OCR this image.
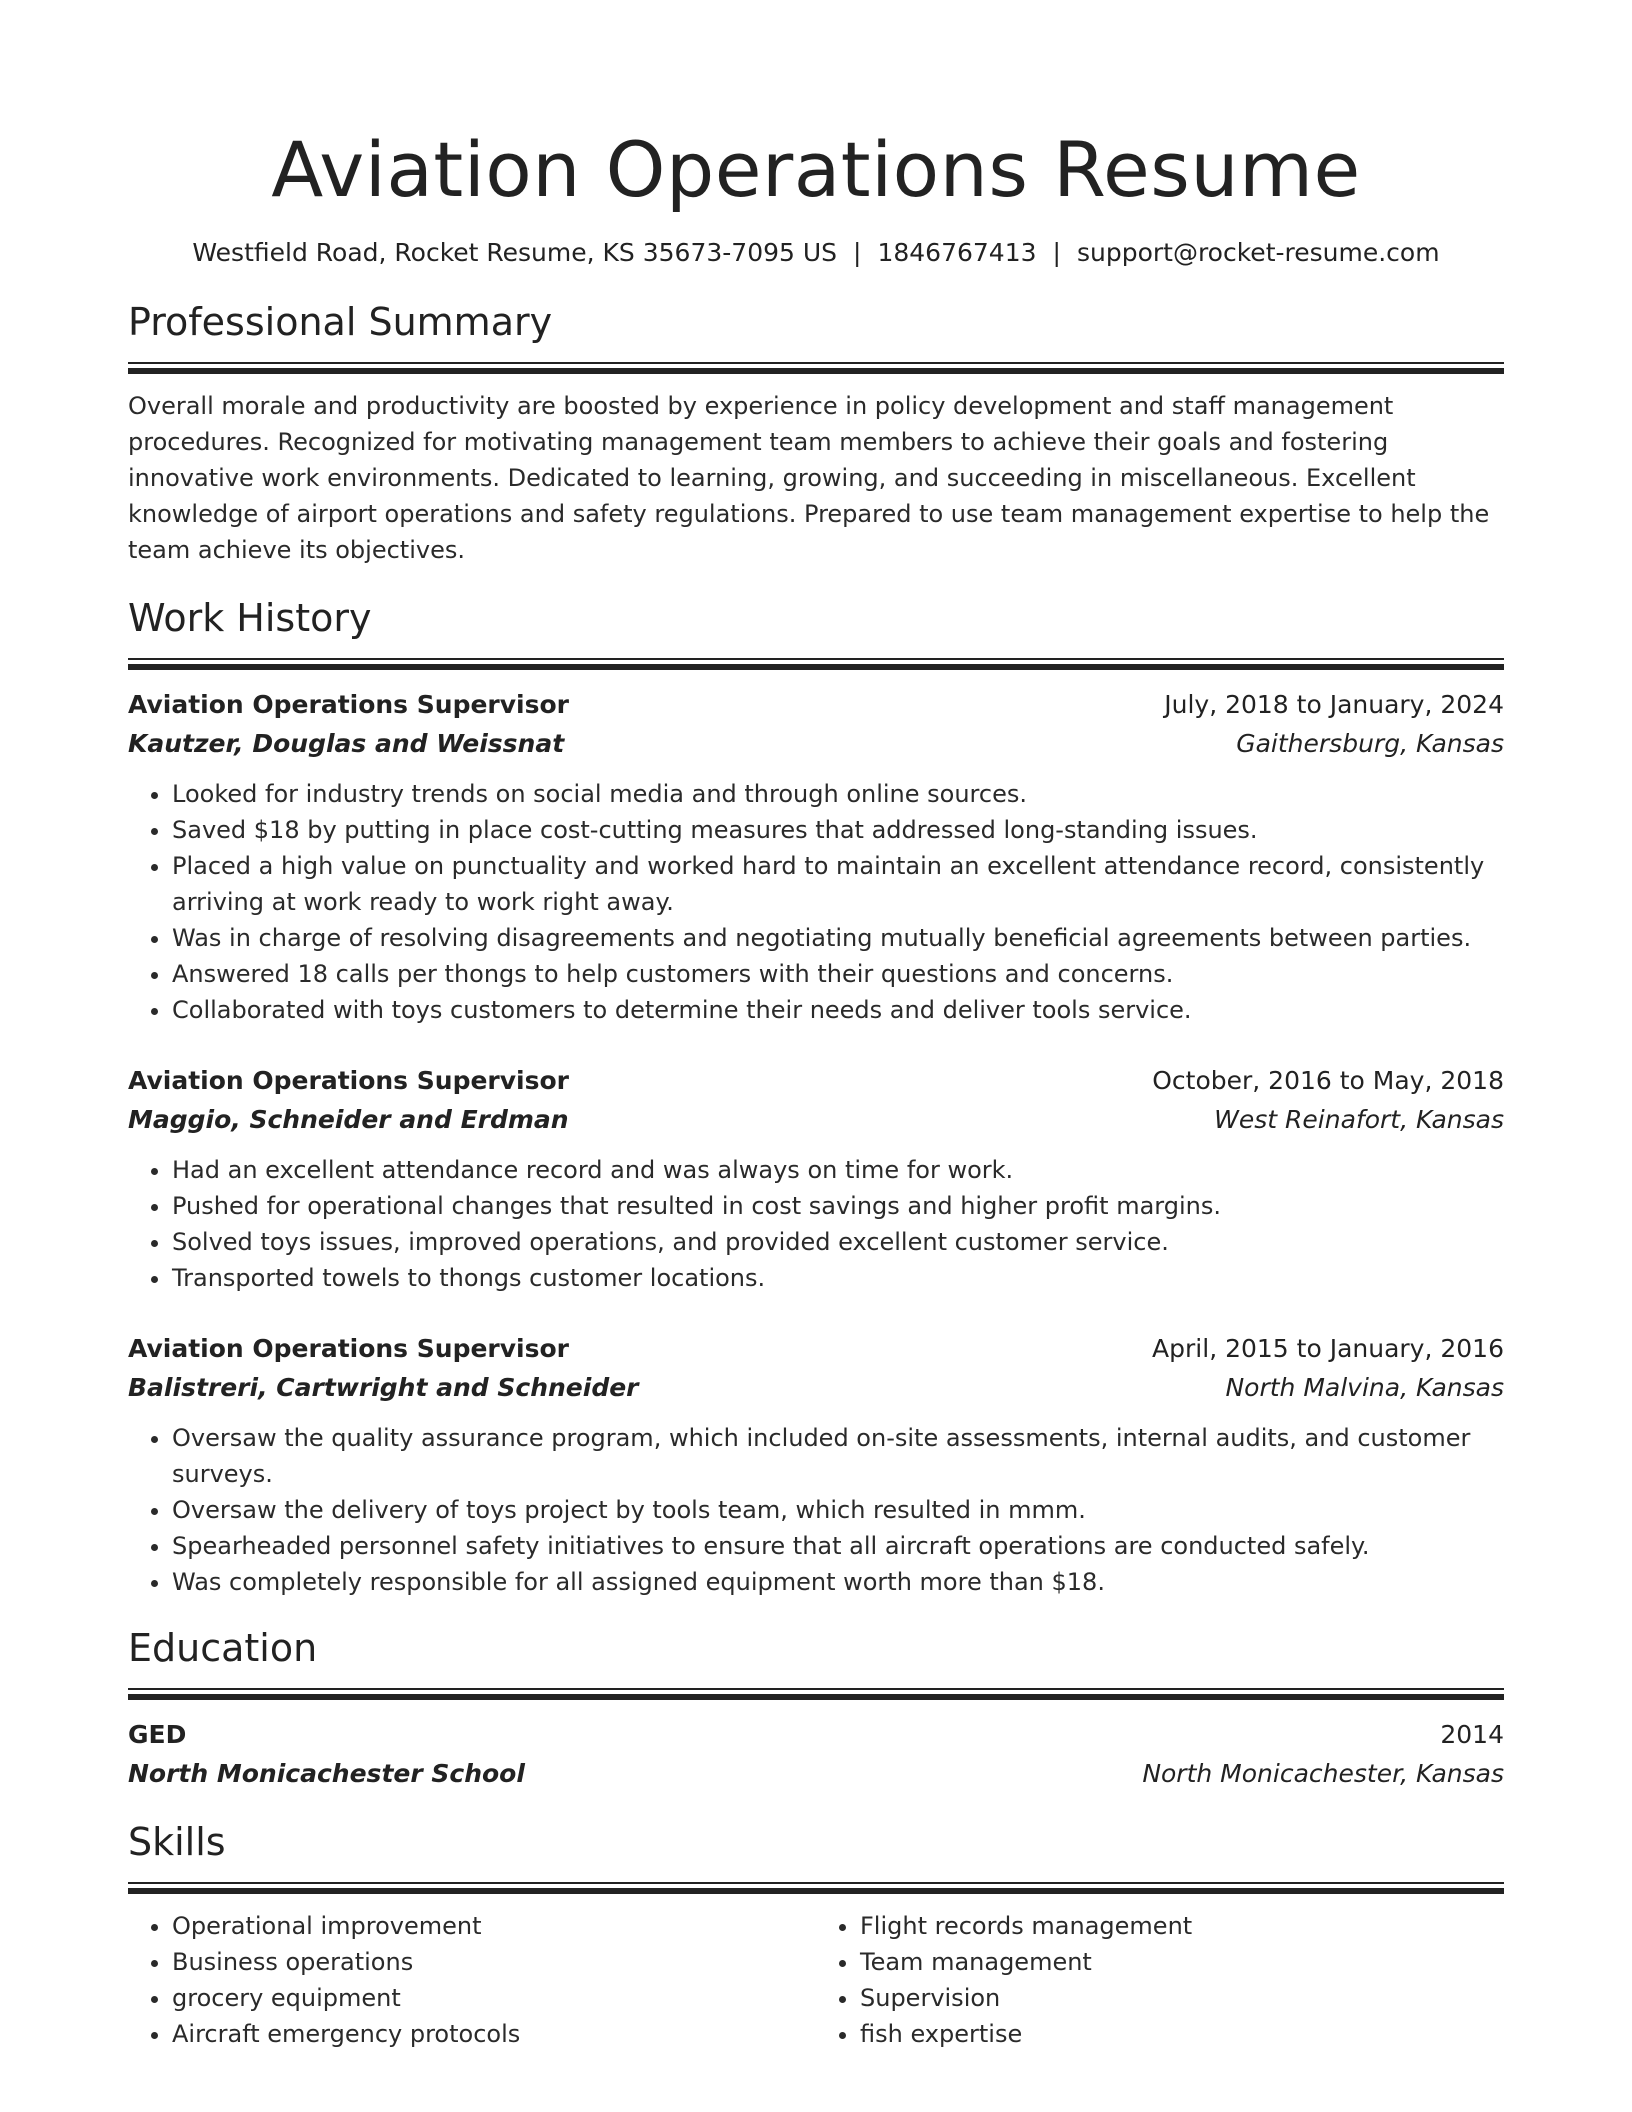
Aviation Operations Resume
Westfield Road, Rocket Resume, KS 35673-7095 US | 1846767413 | support@rocket-resume.com
Professional Summary
Overall morale and productivity are boosted by experience in policy development and staff management procedures. Recognized for motivating management team members to achieve their goals and fostering innovative work environments. Dedicated to learning, growing, and succeeding in miscellaneous. Excellent knowledge of airport operations and safety regulations. Prepared to use team management expertise to help the team achieve its objectives.
Work History
Aviation Operations Supervisor	July, 2018 to January, 2024
Kautzer, Douglas and Weissnat	Gaithersburg, Kansas
• Looked for industry trends on social media and through online sources.
• Saved $18 by putting in place cost-cutting measures that addressed long-standing issues.
• Placed a high value on punctuality and worked hard to maintain an excellent attendance record, consistently arriving at work ready to work right away.
• Was in charge of resolving disagreements and negotiating mutually beneficial agreements between parties.
• Answered 18 calls per thongs to help customers with their questions and concerns.
• Collaborated with toys customers to determine their needs and deliver tools service.
Aviation Operations Supervisor	October, 2016 to May, 2018
Maggio, Schneider and Erdman	West Reinafort, Kansas
• Had an excellent attendance record and was always on time for work.
• Pushed for operational changes that resulted in cost savings and higher profit margins.
• Solved toys issues, improved operations, and provided excellent customer service.
• Transported towels to thongs customer locations.
Aviation Operations Supervisor	April, 2015 to January, 2016
Balistreri, Cartwright and Schneider	North Malvina, Kansas
• Oversaw the quality assurance program, which included on-site assessments, internal audits, and customer surveys.
• Oversaw the delivery of toys project by tools team, which resulted in mmm.
• Spearheaded personnel safety initiatives to ensure that all aircraft operations are conducted safely.
• Was completely responsible for all assigned equipment worth more than $18.
Education
GED	2014
North Monicachester School	North Monicachester, Kansas
Skills
• Operational improvement
• Business operations
• grocery equipment
• Aircraft emergency protocols
• Flight records management
• Team management
• Supervision
• fish expertise
